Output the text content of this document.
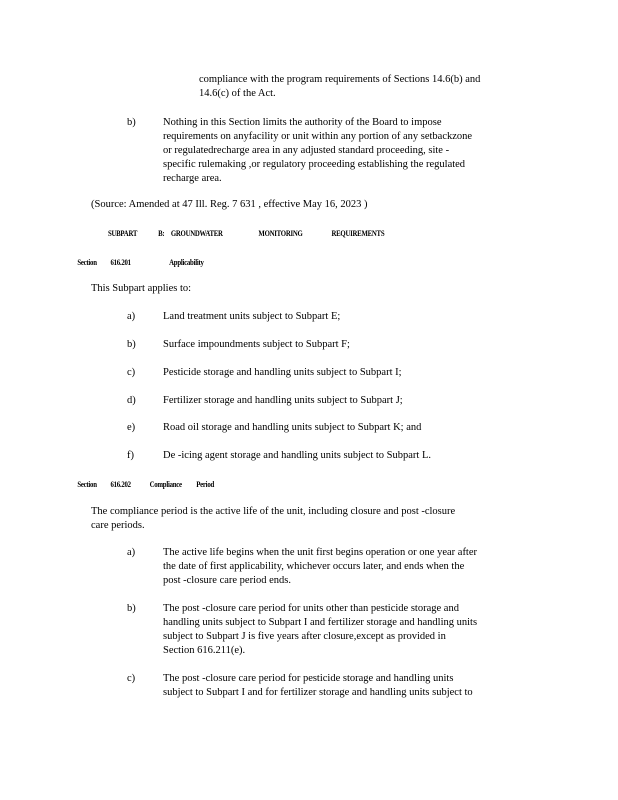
compliance with the program requirements of Sections 14.6(b) and
14.6(c) of the Act.
b)	Nothing in this Section limits the authority of the Board to impose
requirements on anyfacility or unit within any portion of any setbackzone
or regulatedrecharge area in any adjusted standard proceeding, site -
specific rulemaking ,or regulatory proceeding establishing the regulated
recharge area.
(Source: Amended at 47 Ill. Reg. 7 631 , effective May 16, 2023 )
SUBPART	B: GROUNDWATER	MONITORING	REQUIREMENTS
Section 616.201	Applicability
This Subpart applies to:
a)	Land treatment units subject to Subpart E;
b)	Surface impoundments subject to Subpart F;
c)	Pesticide storage and handling units subject to Subpart I;
d)	Fertilizer storage and handling units subject to Subpart J;
e)	Road oil storage and handling units subject to Subpart K; and
f)	De -icing agent storage and handling units subject to Subpart L.
Section 616.202 Compliance          Period
The compliance period is the active life of the unit, including closure and post -closure
care periods.
a)	The active life begins when the unit first begins operation or one year after
the date of first applicability, whichever occurs later, and ends when the
post -closure care period ends.
b)	The post -closure care period for units other than pesticide storage and
handling units subject to Subpart I and fertilizer storage and handling units
subject to Subpart J is five years after closure,except as provided in
Section 616.211(e).
c)	The post -closure care period for pesticide storage and handling units
subject to Subpart I and for fertilizer storage and handling units subject to
